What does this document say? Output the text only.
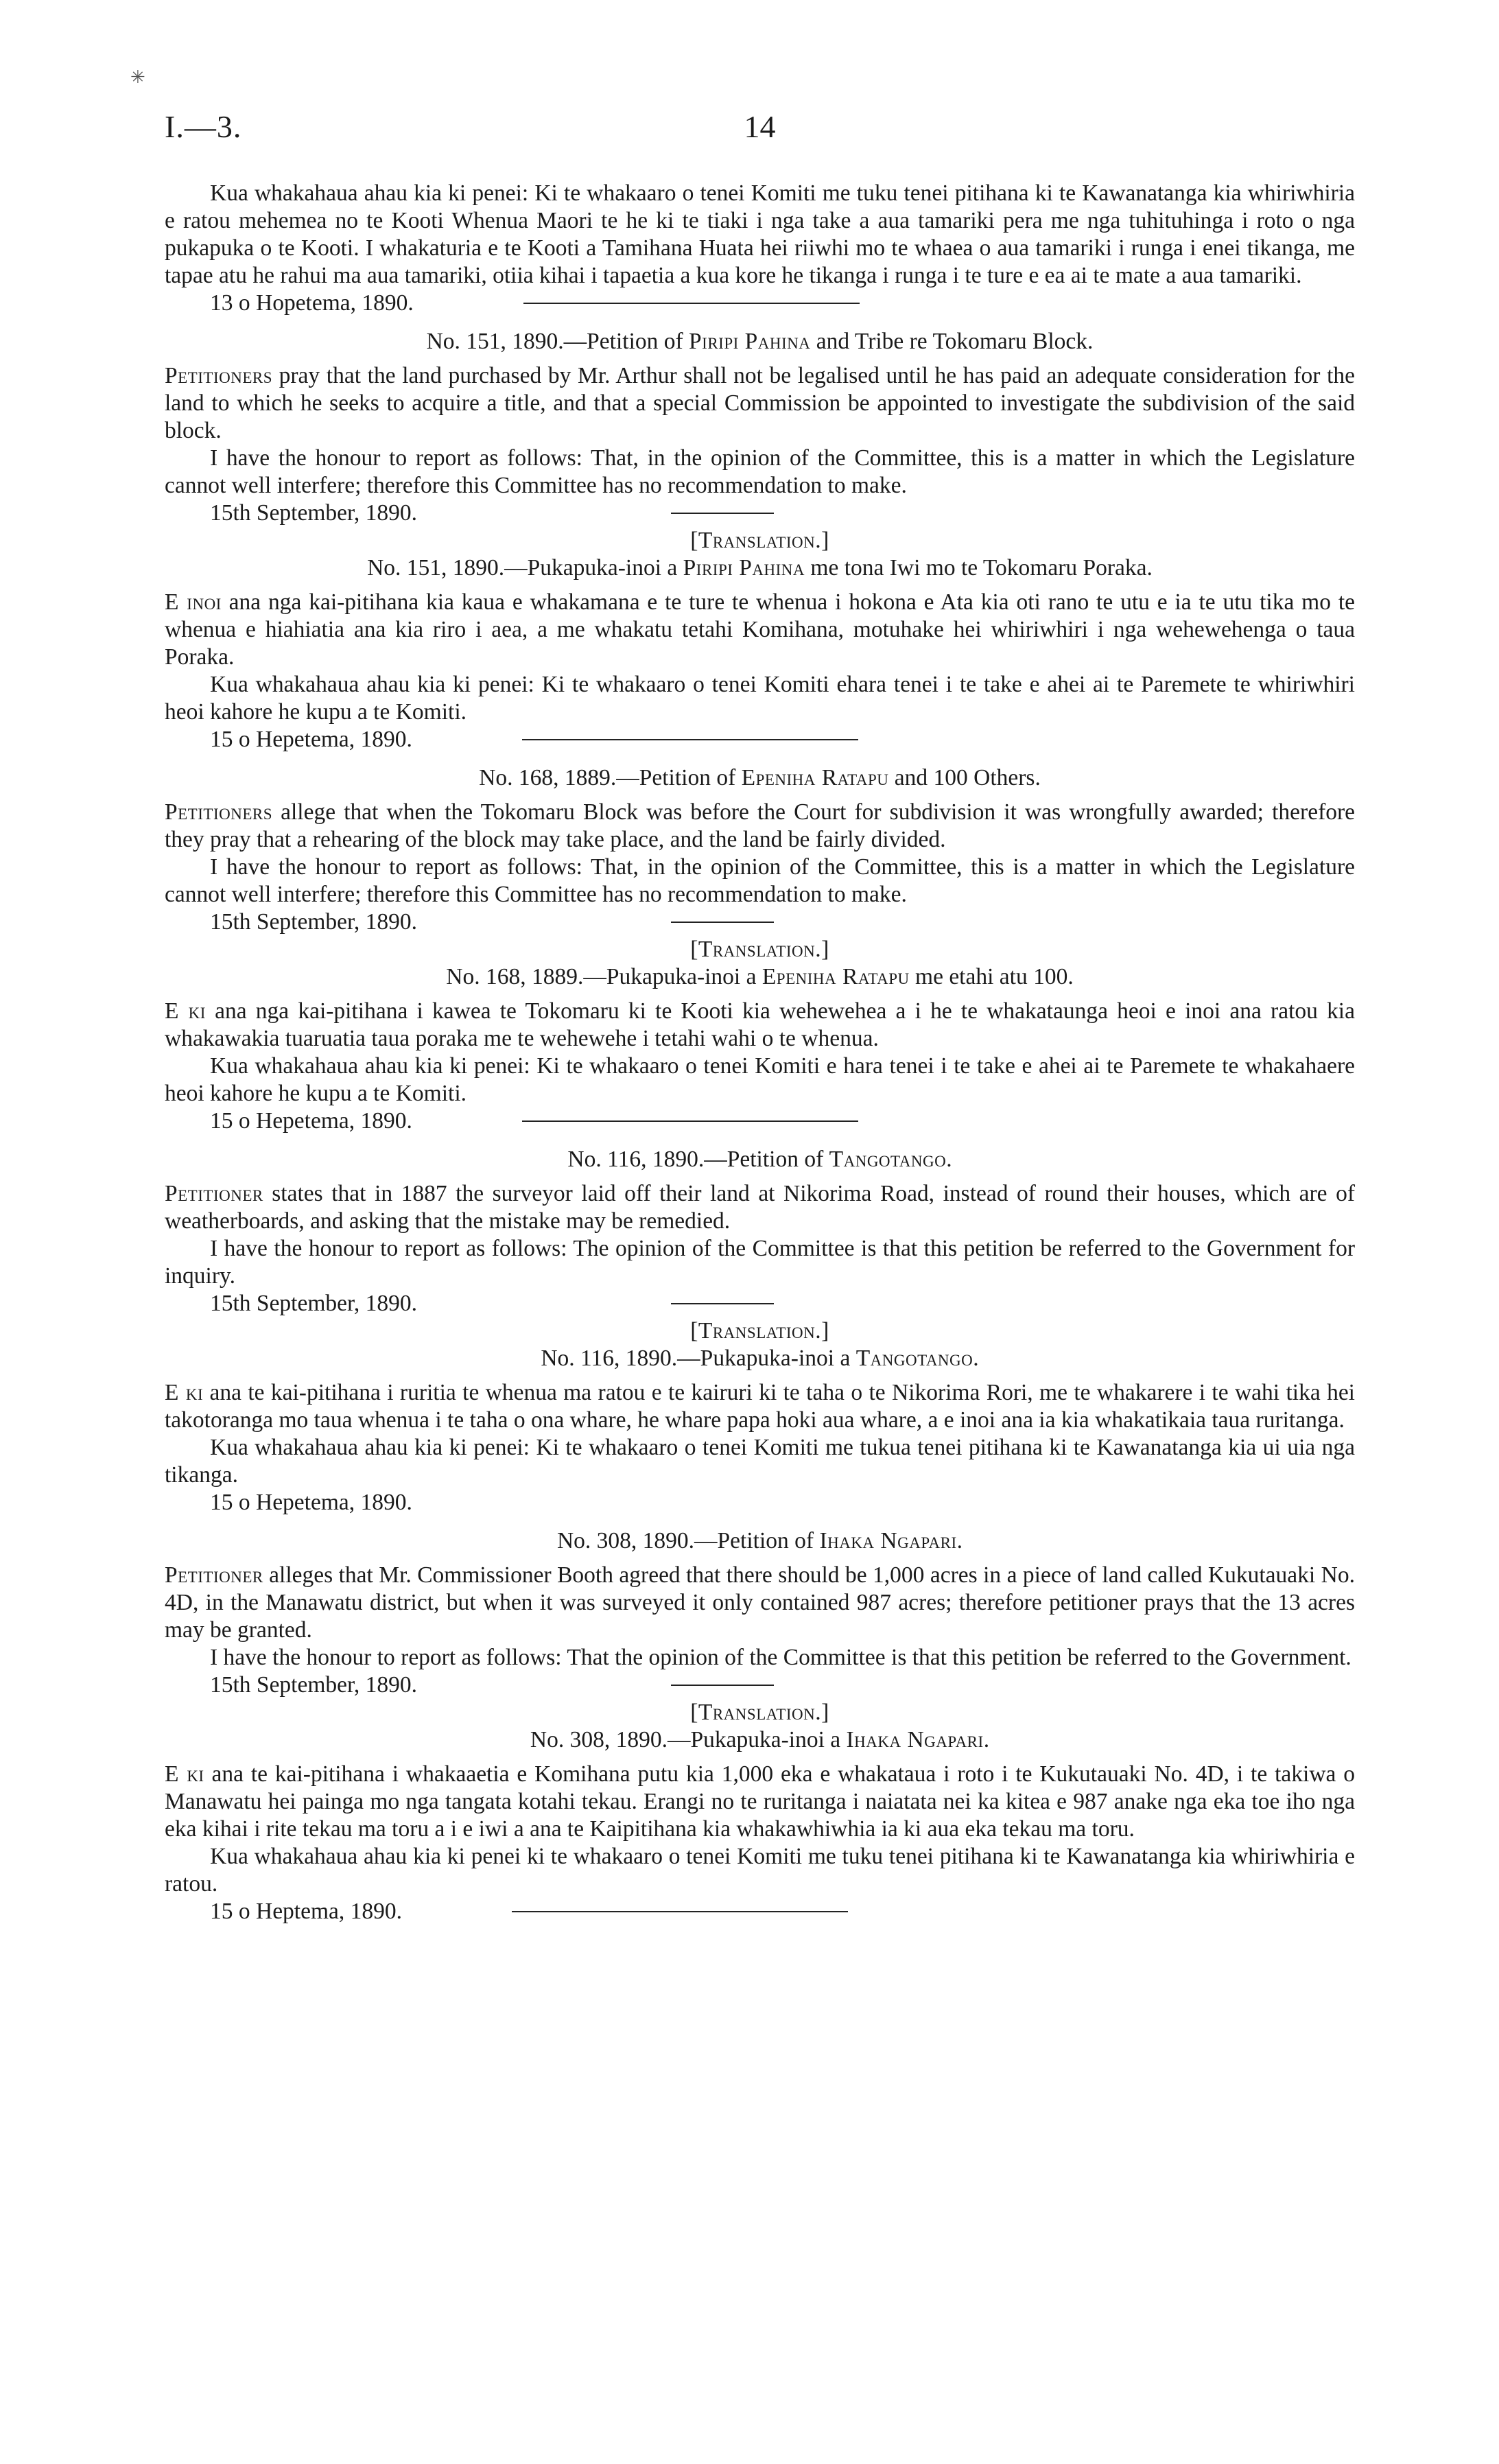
✳
I.—3.	14

Kua whakahaua ahau kia ki penei: Ki te whakaaro o tenei Komiti me tuku tenei pitihana ki te Kawanatanga kia whiriwhiria e ratou mehemea no te Kooti Whenua Maori te he ki te tiaki i nga take a aua tamariki pera me nga tuhituhinga i roto o nga pukapuka o te Kooti. I whakaturia e te Kooti a Tamihana Huata hei riiwhi mo te whaea o aua tamariki i runga i enei tikanga, me tapae atu he rahui ma aua tamariki, otiia kihai i tapaetia a kua kore he tikanga i runga i te ture e ea ai te mate a aua tamariki.

13 o Hopetema, 1890.

No. 151, 1890.—Petition of Piripi Pahina and Tribe re Tokomaru Block.

Petitioners pray that the land purchased by Mr. Arthur shall not be legalised until he has paid an adequate consideration for the land to which he seeks to acquire a title, and that a special Commission be appointed to investigate the subdivision of the said block.

I have the honour to report as follows: That, in the opinion of the Committee, this is a matter in which the Legislature cannot well interfere; therefore this Committee has no recommendation to make.

15th September, 1890.

[Translation.]

No. 151, 1890.—Pukapuka-inoi a Piripi Pahina me tona Iwi mo te Tokomaru Poraka.

E inoi ana nga kai-pitihana kia kaua e whakamana e te ture te whenua i hokona e Ata kia oti rano te utu e ia te utu tika mo te whenua e hiahiatia ana kia riro i aea, a me whakatu tetahi Komihana, motuhake hei whiriwhiri i nga wehewehenga o taua Poraka.

Kua whakahaua ahau kia ki penei: Ki te whakaaro o tenei Komiti ehara tenei i te take e ahei ai te Paremete te whiriwhiri heoi kahore he kupu a te Komiti.

15 o Hepetema, 1890.

No. 168, 1889.—Petition of Epeniha Ratapu and 100 Others.

Petitioners allege that when the Tokomaru Block was before the Court for subdivision it was wrongfully awarded; therefore they pray that a rehearing of the block may take place, and the land be fairly divided.

I have the honour to report as follows: That, in the opinion of the Committee, this is a matter in which the Legislature cannot well interfere; therefore this Committee has no recommendation to make.

15th September, 1890.

[Translation.]

No. 168, 1889.—Pukapuka-inoi a Epeniha Ratapu me etahi atu 100.

E ki ana nga kai-pitihana i kawea te Tokomaru ki te Kooti kia wehewehea a i he te whakataunga heoi e inoi ana ratou kia whakawakia tuaruatia taua poraka me te wehewehe i tetahi wahi o te whenua.

Kua whakahaua ahau kia ki penei: Ki te whakaaro o tenei Komiti e hara tenei i te take e ahei ai te Paremete te whakahaere heoi kahore he kupu a te Komiti.

15 o Hepetema, 1890.

No. 116, 1890.—Petition of Tangotango.

Petitioner states that in 1887 the surveyor laid off their land at Nikorima Road, instead of round their houses, which are of weatherboards, and asking that the mistake may be remedied.

I have the honour to report as follows: The opinion of the Committee is that this petition be referred to the Government for inquiry.

15th September, 1890.

[Translation.]

No. 116, 1890.—Pukapuka-inoi a Tangotango.

E ki ana te kai-pitihana i ruritia te whenua ma ratou e te kairuri ki te taha o te Nikorima Rori, me te whakarere i te wahi tika hei takotoranga mo taua whenua i te taha o ona whare, he whare papa hoki aua whare, a e inoi ana ia kia whakatikaia taua ruritanga.

Kua whakahaua ahau kia ki penei: Ki te whakaaro o tenei Komiti me tukua tenei pitihana ki te Kawanatanga kia ui uia nga tikanga.

15 o Hepetema, 1890.

No. 308, 1890.—Petition of Ihaka Ngapari.

Petitioner alleges that Mr. Commissioner Booth agreed that there should be 1,000 acres in a piece of land called Kukutauaki No. 4D, in the Manawatu district, but when it was surveyed it only contained 987 acres; therefore petitioner prays that the 13 acres may be granted.

I have the honour to report as follows: That the opinion of the Committee is that this petition be referred to the Government.

15th September, 1890.

[Translation.]

No. 308, 1890.—Pukapuka-inoi a Ihaka Ngapari.

E ki ana te kai-pitihana i whakaaetia e Komihana putu kia 1,000 eka e whakataua i roto i te Kukutauaki No. 4D, i te takiwa o Manawatu hei painga mo nga tangata kotahi tekau. Erangi no te ruritanga i naiatata nei ka kitea e 987 anake nga eka toe iho nga eka kihai i rite tekau ma toru a i e iwi a ana te Kaipitihana kia whakawhiwhia ia ki aua eka tekau ma toru.

Kua whakahaua ahau kia ki penei ki te whakaaro o tenei Komiti me tuku tenei pitihana ki te Kawanatanga kia whiriwhiria e ratou.

15 o Heptema, 1890.
